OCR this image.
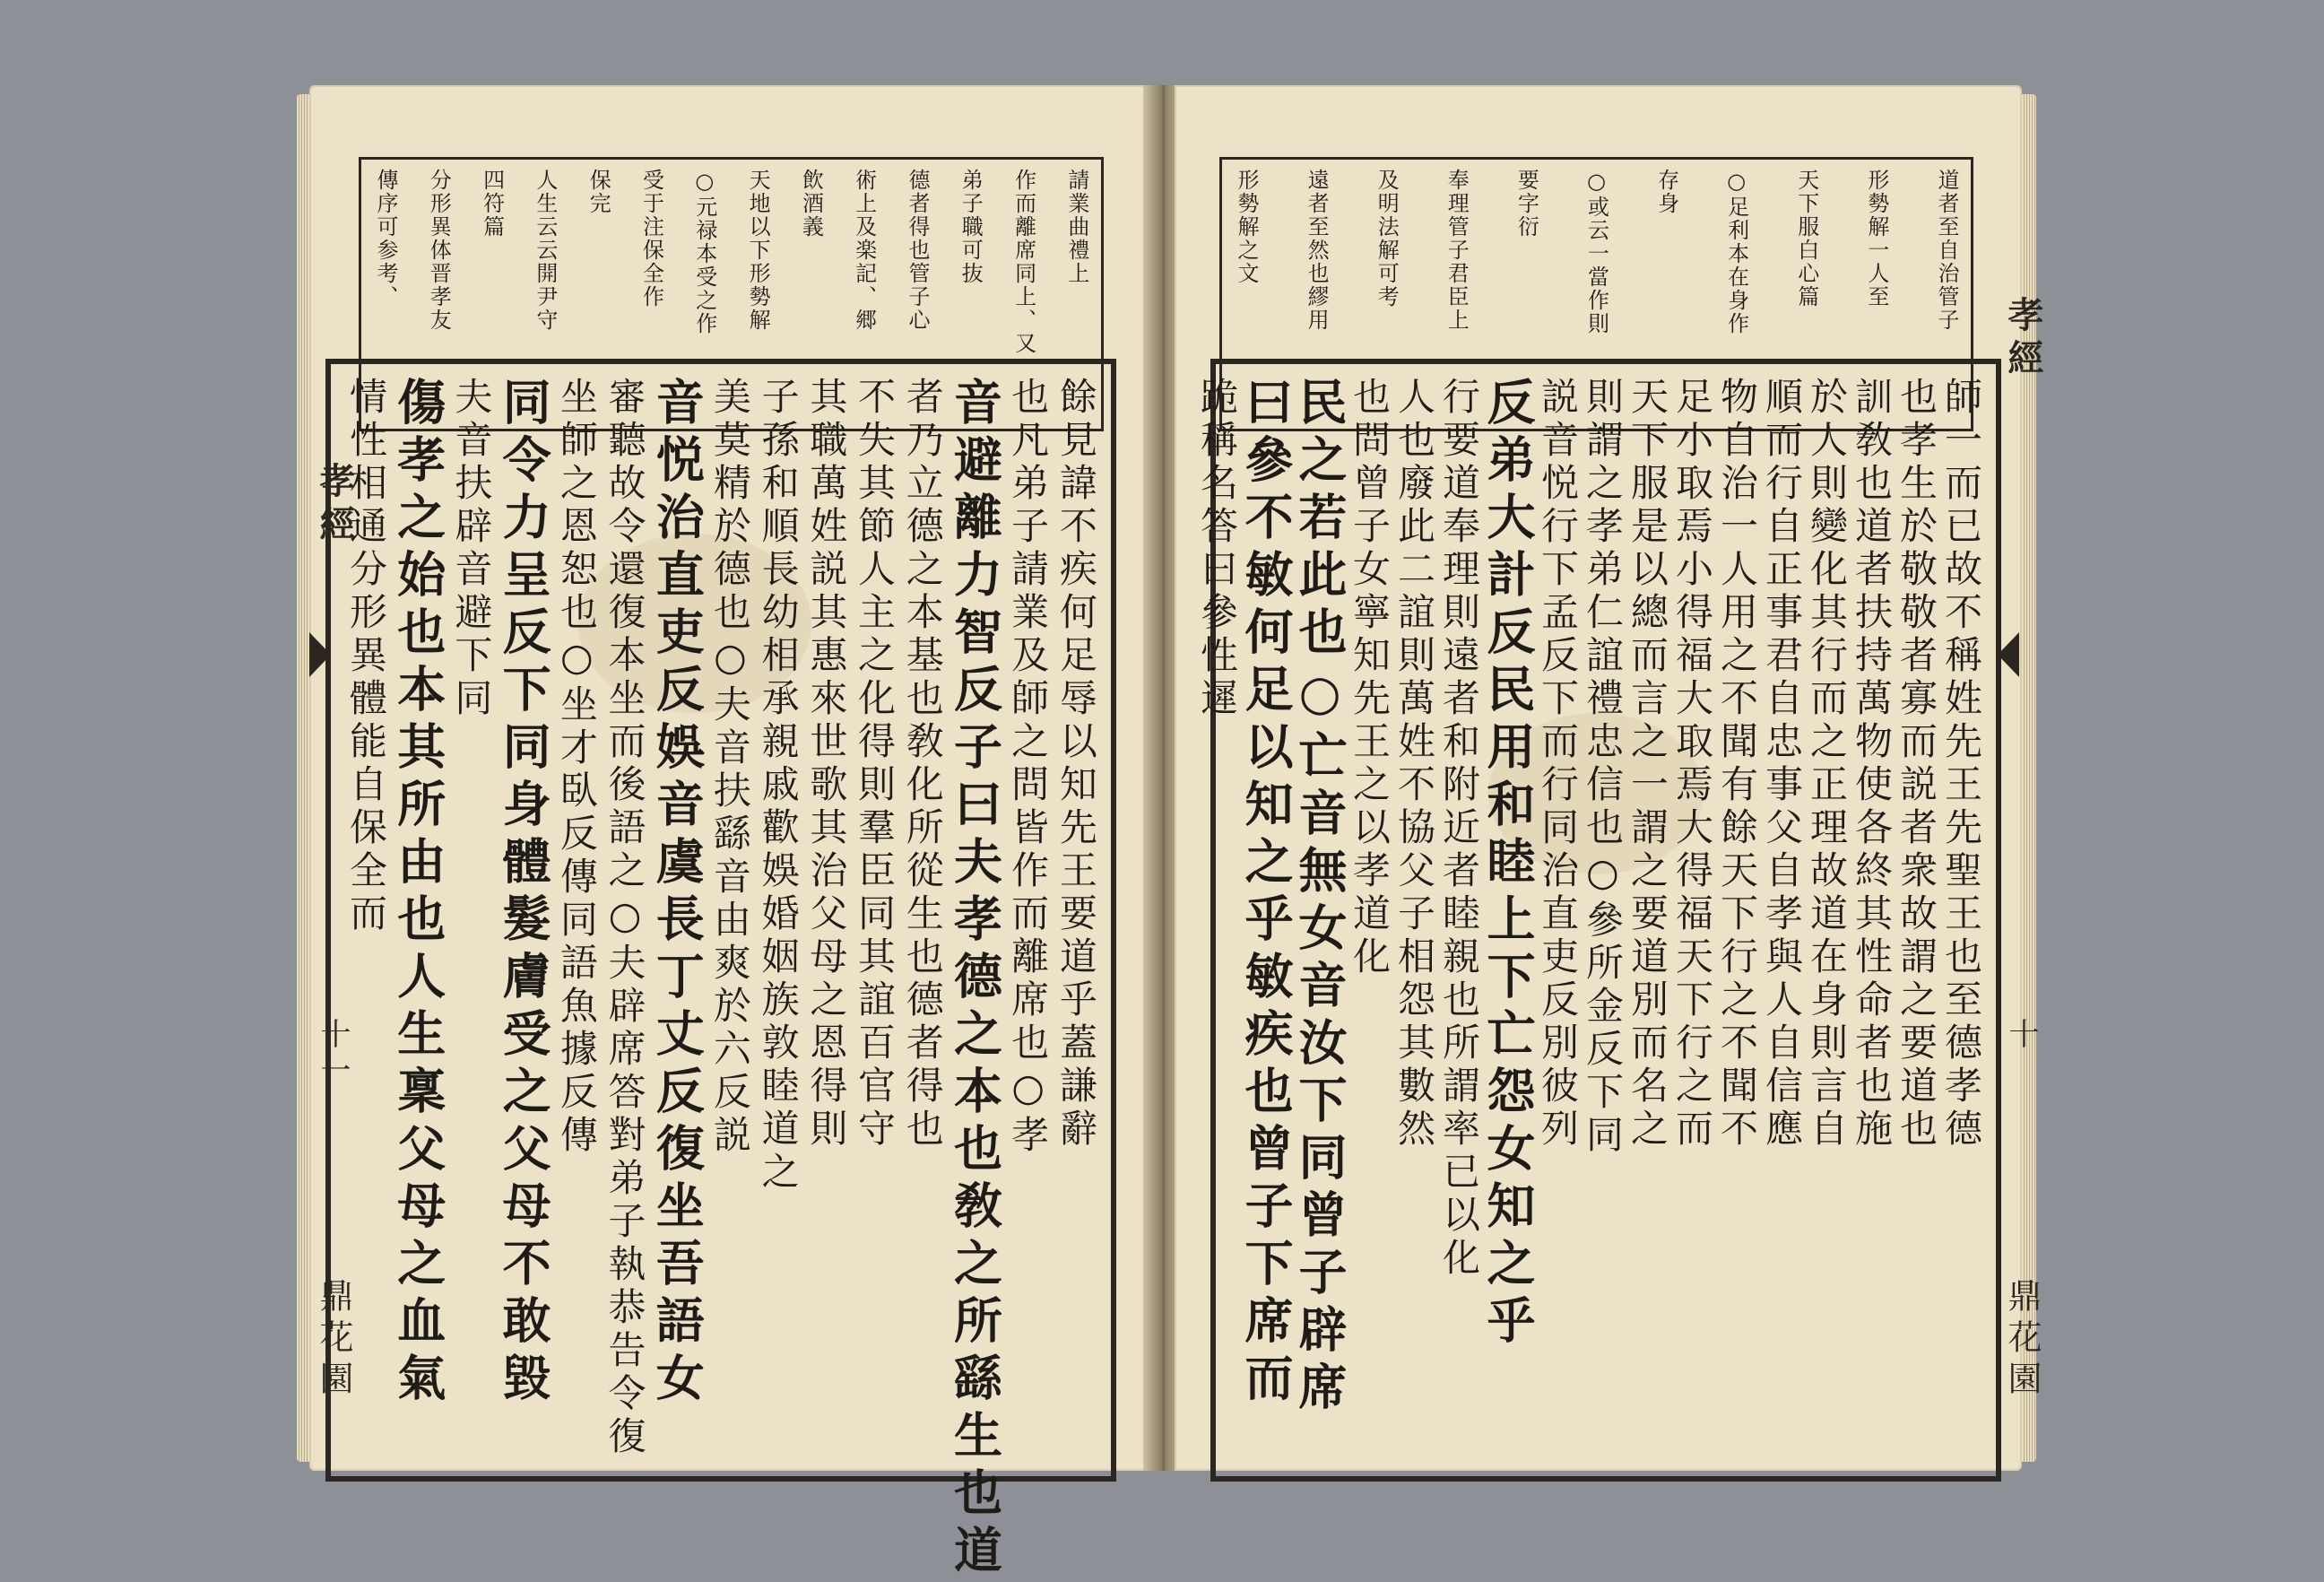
請業曲禮上
作而離席同上、又
弟子職可抜
德者得也管子心
術上及楽記、郷
飲酒義
天地以下形勢解
○元禄本受之作
受于注保全作
保完
人生云云開尹守
四符篇
分形異体晋孝友
傳序可参考、
餘見諱不疾何足辱以知先王要道乎蓋謙辭
也凡弟子請業及師之問皆作而離席也○孝
音避離力智反子曰夫孝德之本也敎之所繇生也道
者乃立德之本基也敎化所從生也德者得也
不失其節人主之化得則羣臣同其誼百官守
其職萬姓説其惠來世歌其治父母之恩得則
子孫和順長幼相承親戚歡娛婚姻族敦睦道之
美莫精於德也○夫音扶繇音由爽於六反説
音悦治直吏反娛音虞長丁丈反復坐吾語女
審聽故令還復本坐而後語之○夫辟席答對弟子執恭告令復
坐師之恩恕也○坐才臥反傳同語魚據反傳
同令力呈反下同身體髮膚受之父母不敢毀
夫音扶辟音避下同
傷孝之始也本其所由也人生稟父母之血氣
情性相通分形異體能自保全而
孝經
十一
鼎花園
道者至自治管子
形勢解一人至
天下服白心篇
○足利本在身作
存身
○或云一當作則
要字衍
奉理管子君臣上
及明法解可考
遠者至然也繆用
形勢解之文
師一而已故不稱姓先王先聖王也至德孝德
也孝生於敬敬者寡而説者衆故謂之要道也
訓敎也道者扶持萬物使各終其性命者也施
於人則變化其行而之正理故道在身則言自
順而行自正事君自忠事父自孝與人自信應
物自治一人用之不聞有餘天下行之不聞不
足小取焉小得福大取焉大得福天下行之而
天下服是以總而言之一謂之要道別而名之
則謂之孝弟仁誼禮忠信也○參所金反下同
説音悦行下孟反下而行同治直吏反別彼列
反弟大計反民用和睦上下亡怨女知之乎
行要道奉理則遠者和附近者睦親也所謂率已以化
人也廢此二誼則萬姓不協父子相怨其數然
也問曾子女寧知先王之以孝道化
民之若此也○亡音無女音汝下同曾子辟席
曰參不敏何足以知之乎敏疾也曾子下席而
跪稱名答曰參性遲
孝經
十
鼎花園
